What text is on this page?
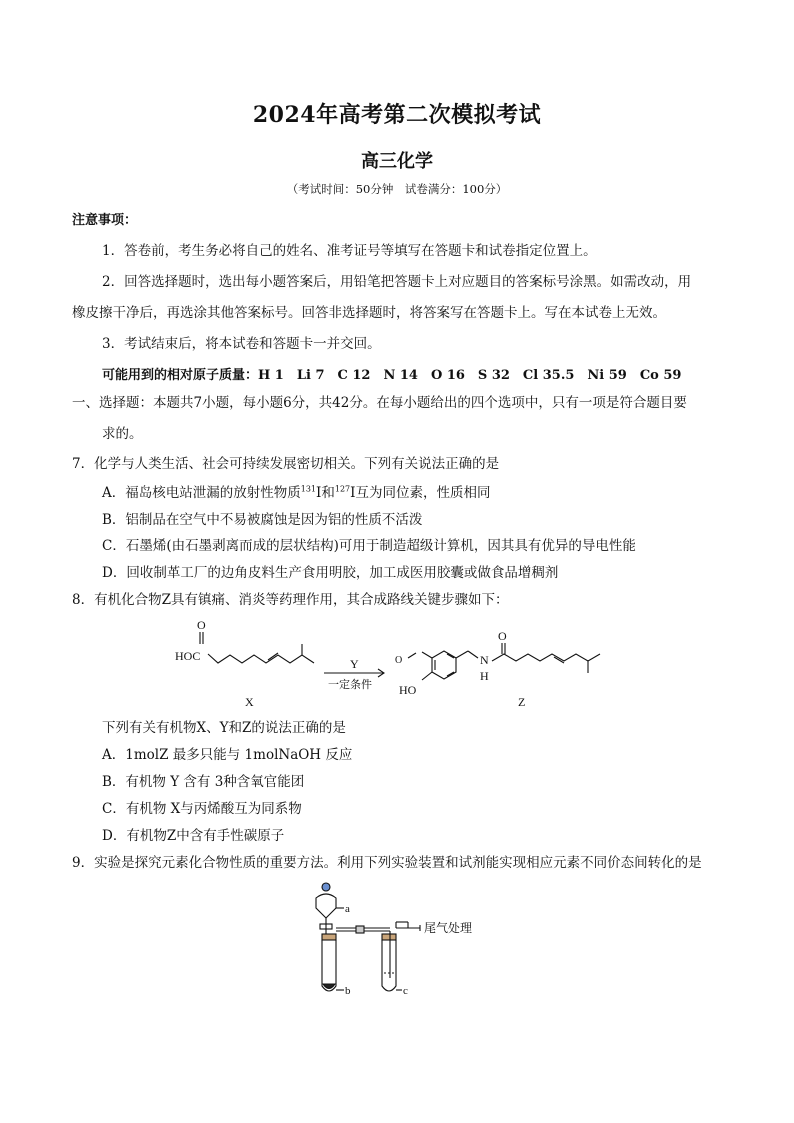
2024年高考第二次模拟考试
高三化学
（考试时间：50分钟　试卷满分：100分）
注意事项：
1．答卷前，考生务必将自己的姓名、准考证号等填写在答题卡和试卷指定位置上。
2．回答选择题时，选出每小题答案后，用铅笔把答题卡上对应题目的答案标号涂黑。如需改动，用
橡皮擦干净后，再选涂其他答案标号。回答非选择题时，将答案写在答题卡上。写在本试卷上无效。
3．考试结束后，将本试卷和答题卡一并交回。
可能用到的相对原子质量：H 1　Li 7　C 12　N 14　O 16　S 32　Cl 35.5　Ni 59　Co 59
一、选择题：本题共7小题，每小题6分，共42分。在每小题给出的四个选项中，只有一项是符合题目要
求的。
7．化学与人类生活、社会可持续发展密切相关。下列有关说法正确的是
A．福岛核电站泄漏的放射性物质$^{131}$I和$^{127}$I互为同位素，性质相同
B．铝制品在空气中不易被腐蚀是因为铝的性质不活泼
C．石墨烯(由石墨剥离而成的层状结构)可用于制造超级计算机，因其具有优异的导电性能
D．回收制革工厂的边角皮料生产食用明胶，加工成医用胶囊或做食品增稠剂
8．有机化合物Z具有镇痛、消炎等药理作用，其合成路线关键步骤如下：
O
HOC
X
Y
一定条件
O
HO
N
H
O
Z
下列有关有机物X、Y和Z的说法正确的是
A．1molZ 最多只能与 1molNaOH 反应
B．有机物 Y 含有 3种含氧官能团
C．有机物 X与丙烯酸互为同系物
D．有机物Z中含有手性碳原子
9．实验是探究元素化合物性质的重要方法。利用下列实验装置和试剂能实现相应元素不同价态间转化的是
a
b	c
尾气处理
